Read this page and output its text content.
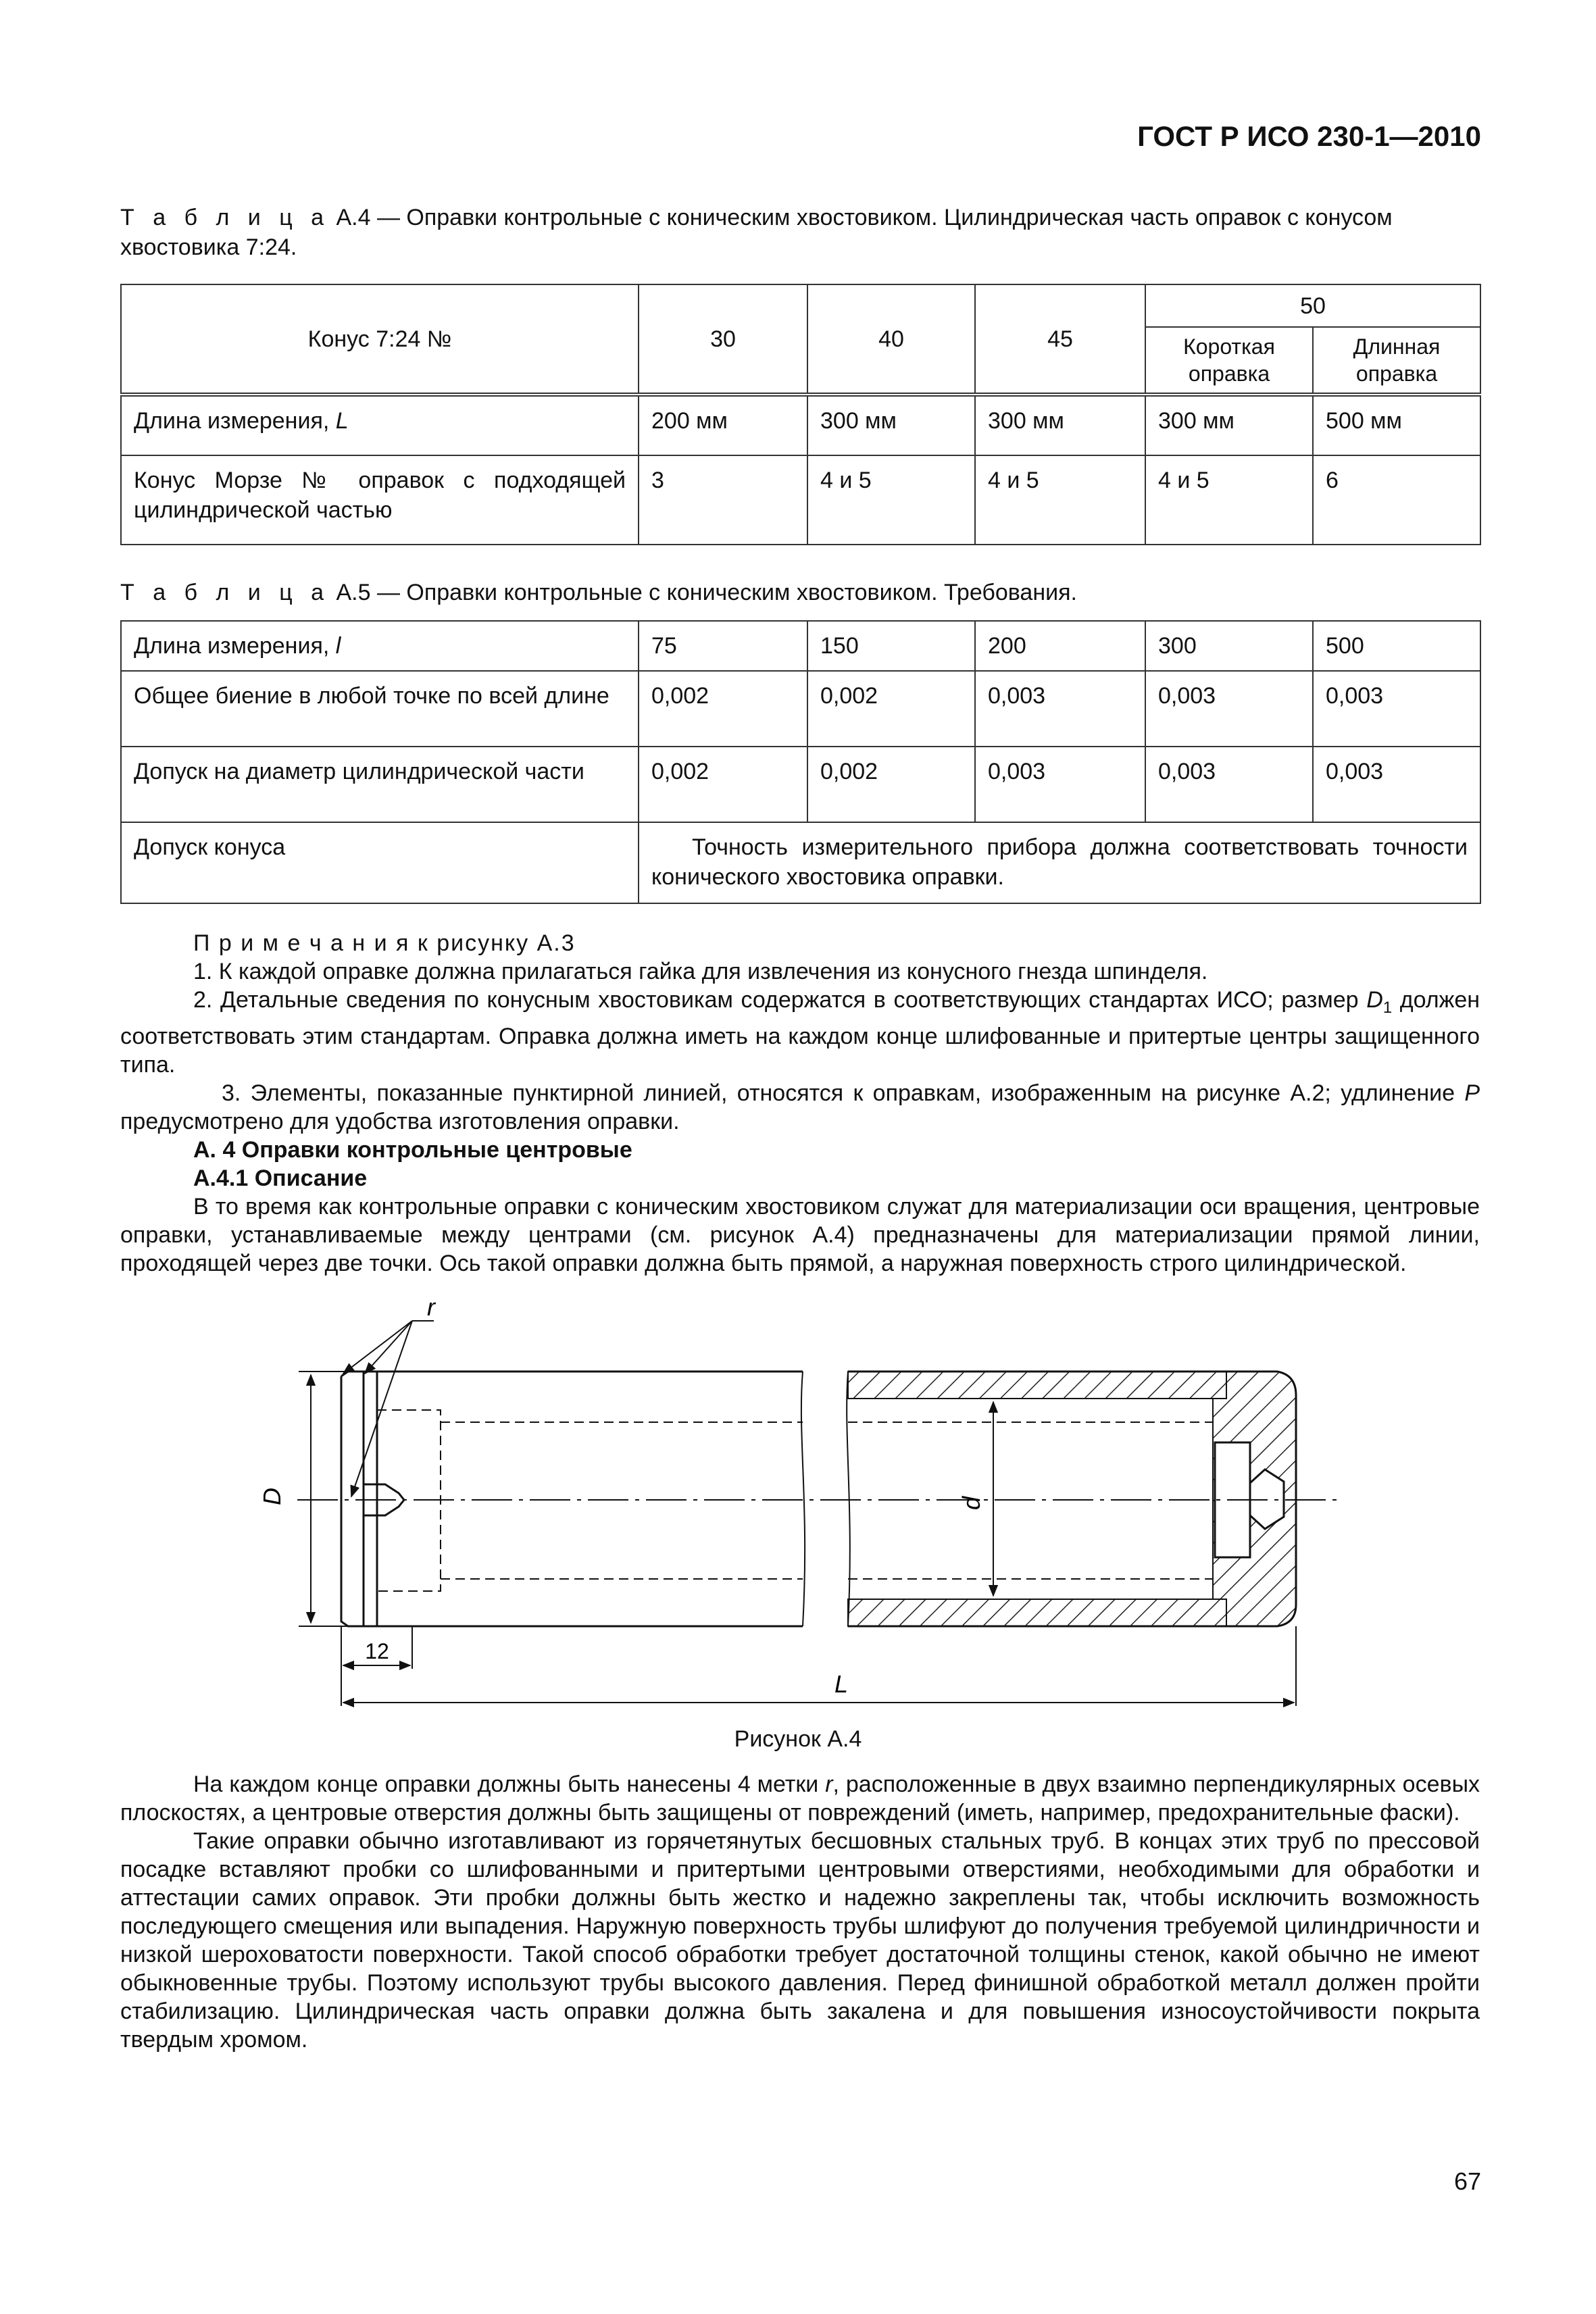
ГОСТ Р ИСО 230-1—2010
Т а б л и ц а А.4 — Оправки контрольные с коническим хвостовиком. Цилиндрическая часть оправок с конусом хвостовика 7:24.
Конус 7:24 №	30	40	45	50	
				Короткая оправка	Длинная оправка
Длина измерения, L	200 мм	300 мм	300 мм	300 мм	500 мм
Конус Морзе № оправок с подходящей цилиндрической частью	3	4 и 5	4 и 5	4 и 5	6
Т а б л и ц а А.5 — Оправки контрольные с коническим хвостовиком. Требования.
Длина измерения, l	75	150	200	300	500
Общее биение в любой точке по всей длине	0,002	0,002	0,003	0,003	0,003
Допуск на диаметр цилиндрической части	0,002	0,002	0,003	0,003	0,003
Допуск конуса	Точность измерительного прибора должна соответствовать точности конического хвостовика оправки.				

П р и м е ч а н и я к рисунку А.3

1. К каждой оправке должна прилагаться гайка для извлечения из конусного гнезда шпинделя.

2. Детальные сведения по конусным хвостовикам содержатся в соответствующих стандартах ИСО; размер $D_1$ должен соответствовать этим стандартам. Оправка должна иметь на каждом конце шлифованные и притертые центры защищенного типа.

3. Элементы, показанные пунктирной линией, относятся к оправкам, изображенным на рисунке А.2; удлинение P предусмотрено для удобства изготовления оправки.

А. 4 Оправки контрольные центровые

А.4.1 Описание

В то время как контрольные оправки с коническим хвостовиком служат для материализации оси вращения, центровые оправки, устанавливаемые между центрами (см. рисунок А.4) предназначены для материализации прямой линии, проходящей через две точки. Ось такой оправки должна быть прямой, а наружная поверхность строго цилиндрической.

D	d
r
12
L
Рисунок А.4

На каждом конце оправки должны быть нанесены 4 метки r, расположенные в двух взаимно перпендикулярных осевых плоскостях, а центровые отверстия должны быть защищены от повреждений (иметь, например, предохранительные фаски).

Такие оправки обычно изготавливают из горячетянутых бесшовных стальных труб. В концах этих труб по прессовой посадке вставляют пробки со шлифованными и притертыми центровыми отверстиями, необходимыми для обработки и аттестации самих оправок. Эти пробки должны быть жестко и надежно закреплены так, чтобы исключить возможность последующего смещения или выпадения. Наружную поверхность трубы шлифуют до получения требуемой цилиндричности и низкой шероховатости поверхности. Такой способ обработки требует достаточной толщины стенок, какой обычно не имеют обыкновенные трубы. Поэтому используют трубы высокого давления. Перед финишной обработкой металл должен пройти стабилизацию. Цилиндрическая часть оправки должна быть закалена и для повышения износоустойчивости покрыта твердым хромом.

67
